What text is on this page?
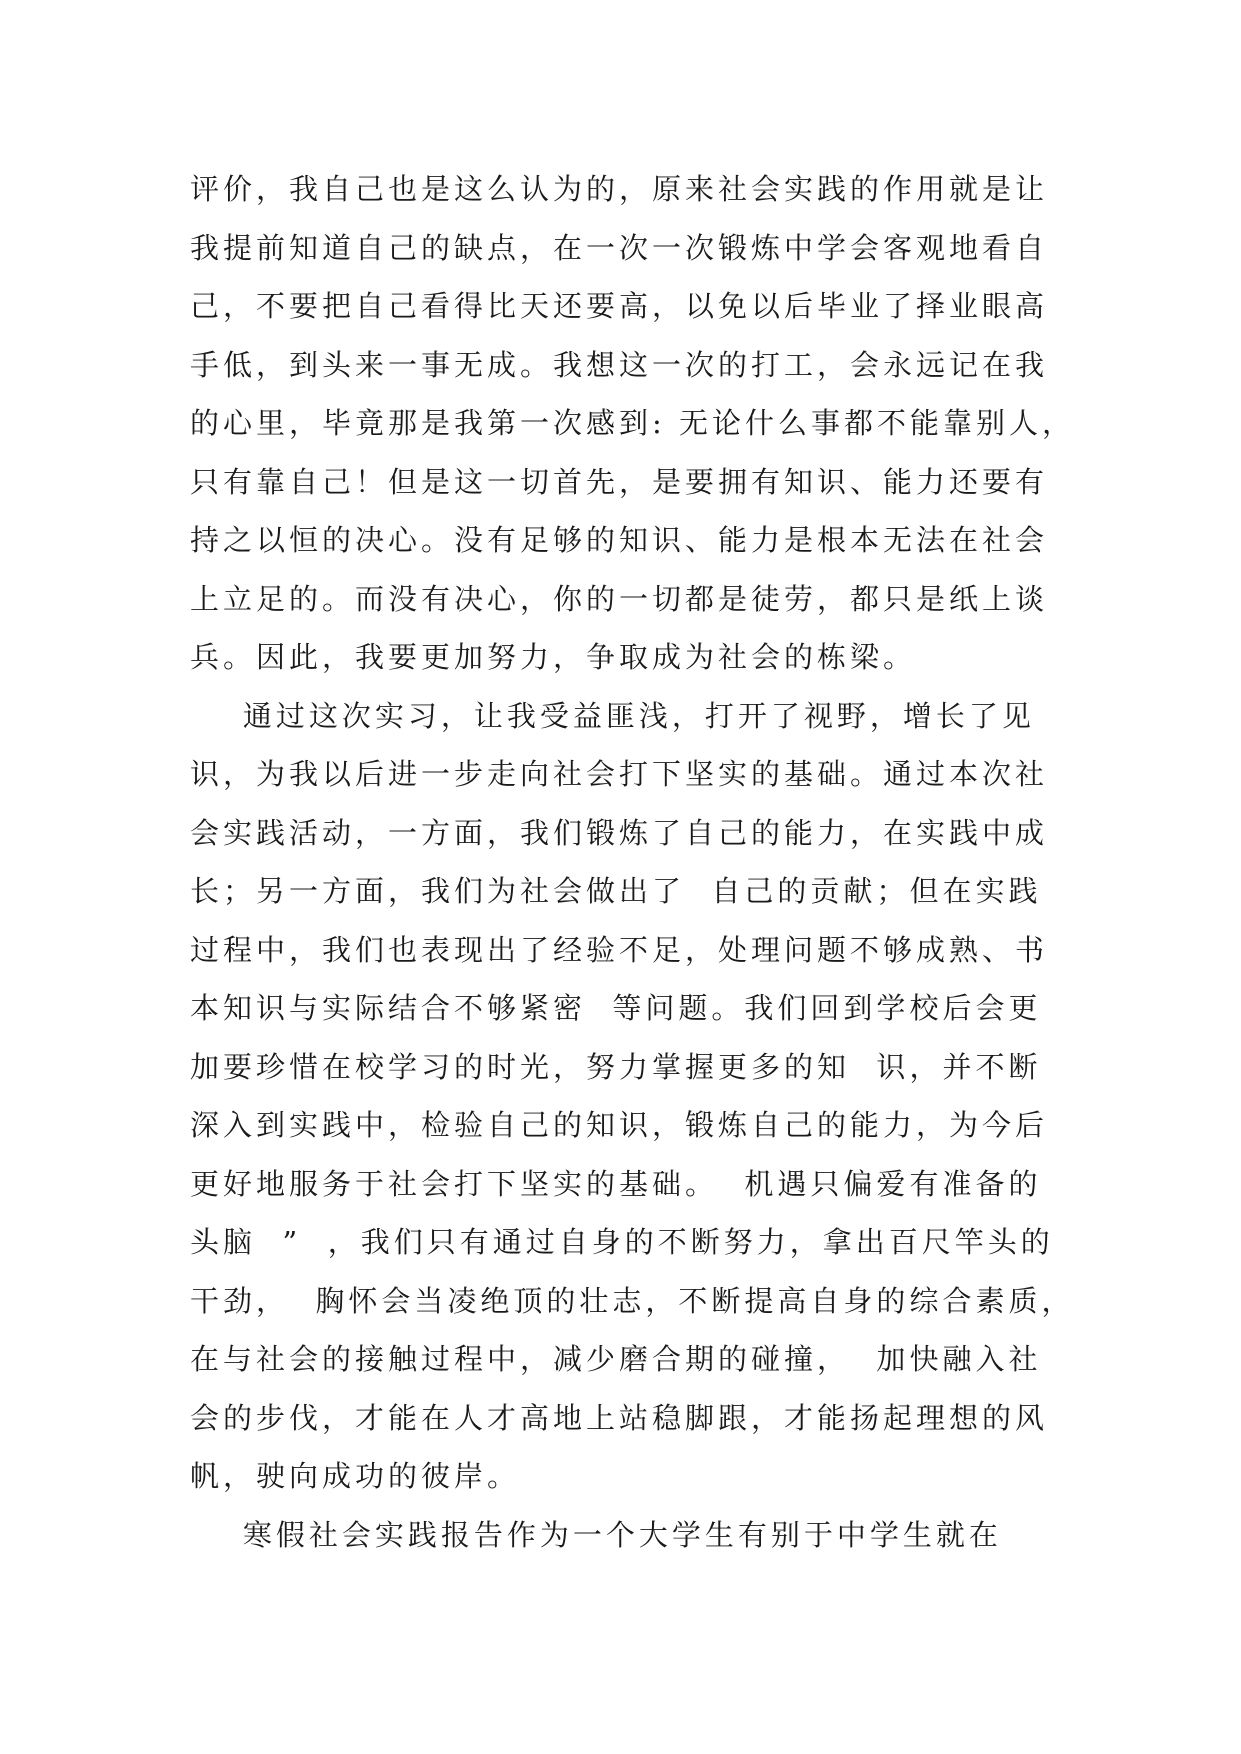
评价，我自己也是这么认为的，原来社会实践的作用就是让
我提前知道自己的缺点，在一次一次锻炼中学会客观地看自
己，不要把自己看得比天还要高，以免以后毕业了择业眼高
手低，到头来一事无成。我想这一次的打工，会永远记在我
的心里，毕竟那是我第一次感到: 无论什么事都不能靠别人，
只有靠自己！但是这一切首先，是要拥有知识、能力还要有
持之以恒的决心。没有足够的知识、能力是根本无法在社会
上立足的。而没有决心，你的一切都是徒劳，都只是纸上谈
兵。因此，我要更加努力，争取成为社会的栋梁。
通过这次实习，让我受益匪浅，打开了视野，增长了见
识，为我以后进一步走向社会打下坚实的基础。通过本次社
会实践活动，一方面，我们锻炼了自己的能力，在实践中成
长；另一方面，我们为社会做出了  自己的贡献；但在实践
过程中，我们也表现出了经验不足，处理问题不够成熟、书
本知识与实际结合不够紧密  等问题。我们回到学校后会更
加要珍惜在校学习的时光，努力掌握更多的知  识，并不断
深入到实践中，检验自己的知识，锻炼自己的能力，为今后
更好地服务于社会打下坚实的基础。  机遇只偏爱有准备的
头脑  ”  ，我们只有通过自身的不断努力，拿出百尺竿头的
干劲，  胸怀会当凌绝顶的壮志，不断提高自身的综合素质，
在与社会的接触过程中，减少磨合期的碰撞，  加快融入社
会的步伐，才能在人才高地上站稳脚跟，才能扬起理想的风
帆，驶向成功的彼岸。
寒假社会实践报告作为一个大学生有别于中学生就在
